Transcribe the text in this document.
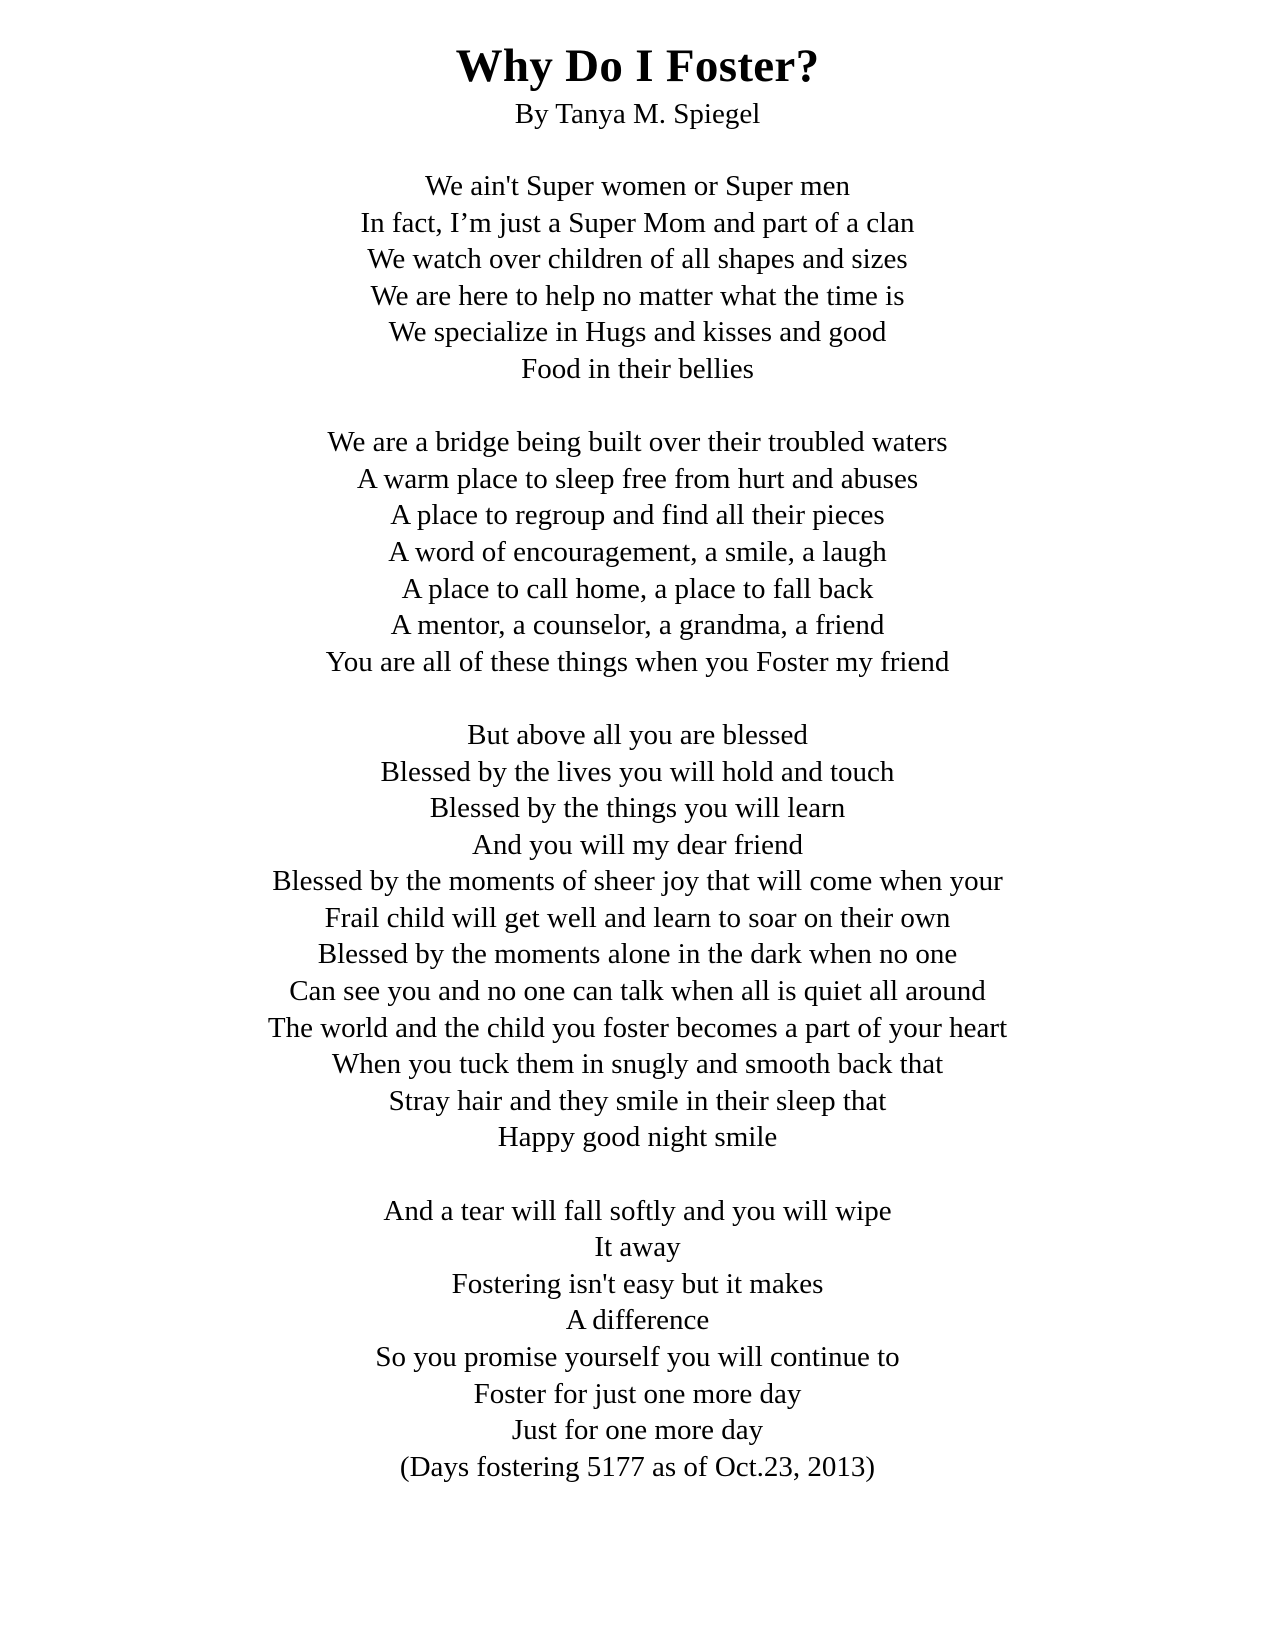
Why Do I Foster?
By Tanya M. Spiegel
We ain't Super women or Super men
In fact, I’m just a Super Mom and part of a clan
We watch over children of all shapes and sizes
We are here to help no matter what the time is
We specialize in Hugs and kisses and good
Food in their bellies
We are a bridge being built over their troubled waters
A warm place to sleep free from hurt and abuses
A place to regroup and find all their pieces
A word of encouragement, a smile, a laugh
A place to call home, a place to fall back
A mentor, a counselor, a grandma, a friend
You are all of these things when you Foster my friend
But above all you are blessed
Blessed by the lives you will hold and touch
Blessed by the things you will learn
And you will my dear friend
Blessed by the moments of sheer joy that will come when your
Frail child will get well and learn to soar on their own
Blessed by the moments alone in the dark when no one
Can see you and no one can talk when all is quiet all around
The world and the child you foster becomes a part of your heart
When you tuck them in snugly and smooth back that
Stray hair and they smile in their sleep that
Happy good night smile
And a tear will fall softly and you will wipe
It away
Fostering isn't easy but it makes
A difference
So you promise yourself you will continue to
Foster for just one more day
Just for one more day
(Days fostering 5177 as of Oct.23, 2013)
